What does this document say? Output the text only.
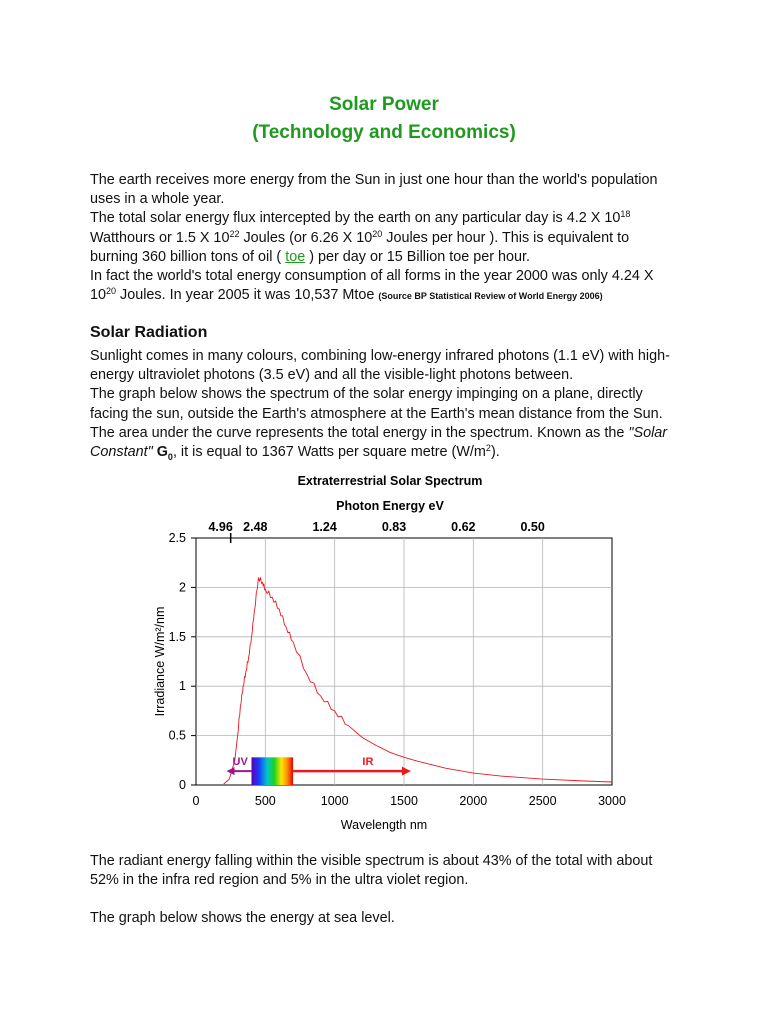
Solar Power
(Technology and Economics)

The earth receives more energy from the Sun in just one hour than the world's population uses in a whole year.

The total solar energy flux intercepted by the earth on any particular day is 4.2 X $10^{18}$ Watthours or 1.5 X $10^{22}$ Joules (or 6.26 X $10^{20}$ Joules per hour ). This is equivalent to burning 360 billion tons of oil ( toe ) per day or 15 Billion toe per hour.

In fact the world's total energy consumption of all forms in the year 2000 was only 4.24 X $10^{20}$ Joules. In year 2005 it was 10,537 Mtoe (Source BP Statistical Review of World Energy 2006)

Solar Radiation

Sunlight comes in many colours, combining low-energy infrared photons (1.1 eV) with high-energy ultraviolet photons (3.5 eV) and all the visible-light photons between.

The graph below shows the spectrum of the solar energy impinging on a plane, directly facing the sun, outside the Earth's atmosphere at the Earth's mean distance from the Sun. The area under the curve represents the total energy in the spectrum. Known as the "Solar Constant" $G_0$, it is equal to 1367 Watts per square metre $(W/m^2)$.

Extraterrestrial Solar Spectrum
Photon Energy eV
0	500	1000	1500	2000	2500	3000
0
0.5
1
1.5
2
2.5
4.96 2.48	1.24	0.83	0.62	0.50
UV	IR
Wavelength nm
Irradiance W/m²/nm

The radiant energy falling within the visible spectrum is about 43% of the total with about 52% in the infra red region and 5% in the ultra violet region.

The graph below shows the energy at sea level.
